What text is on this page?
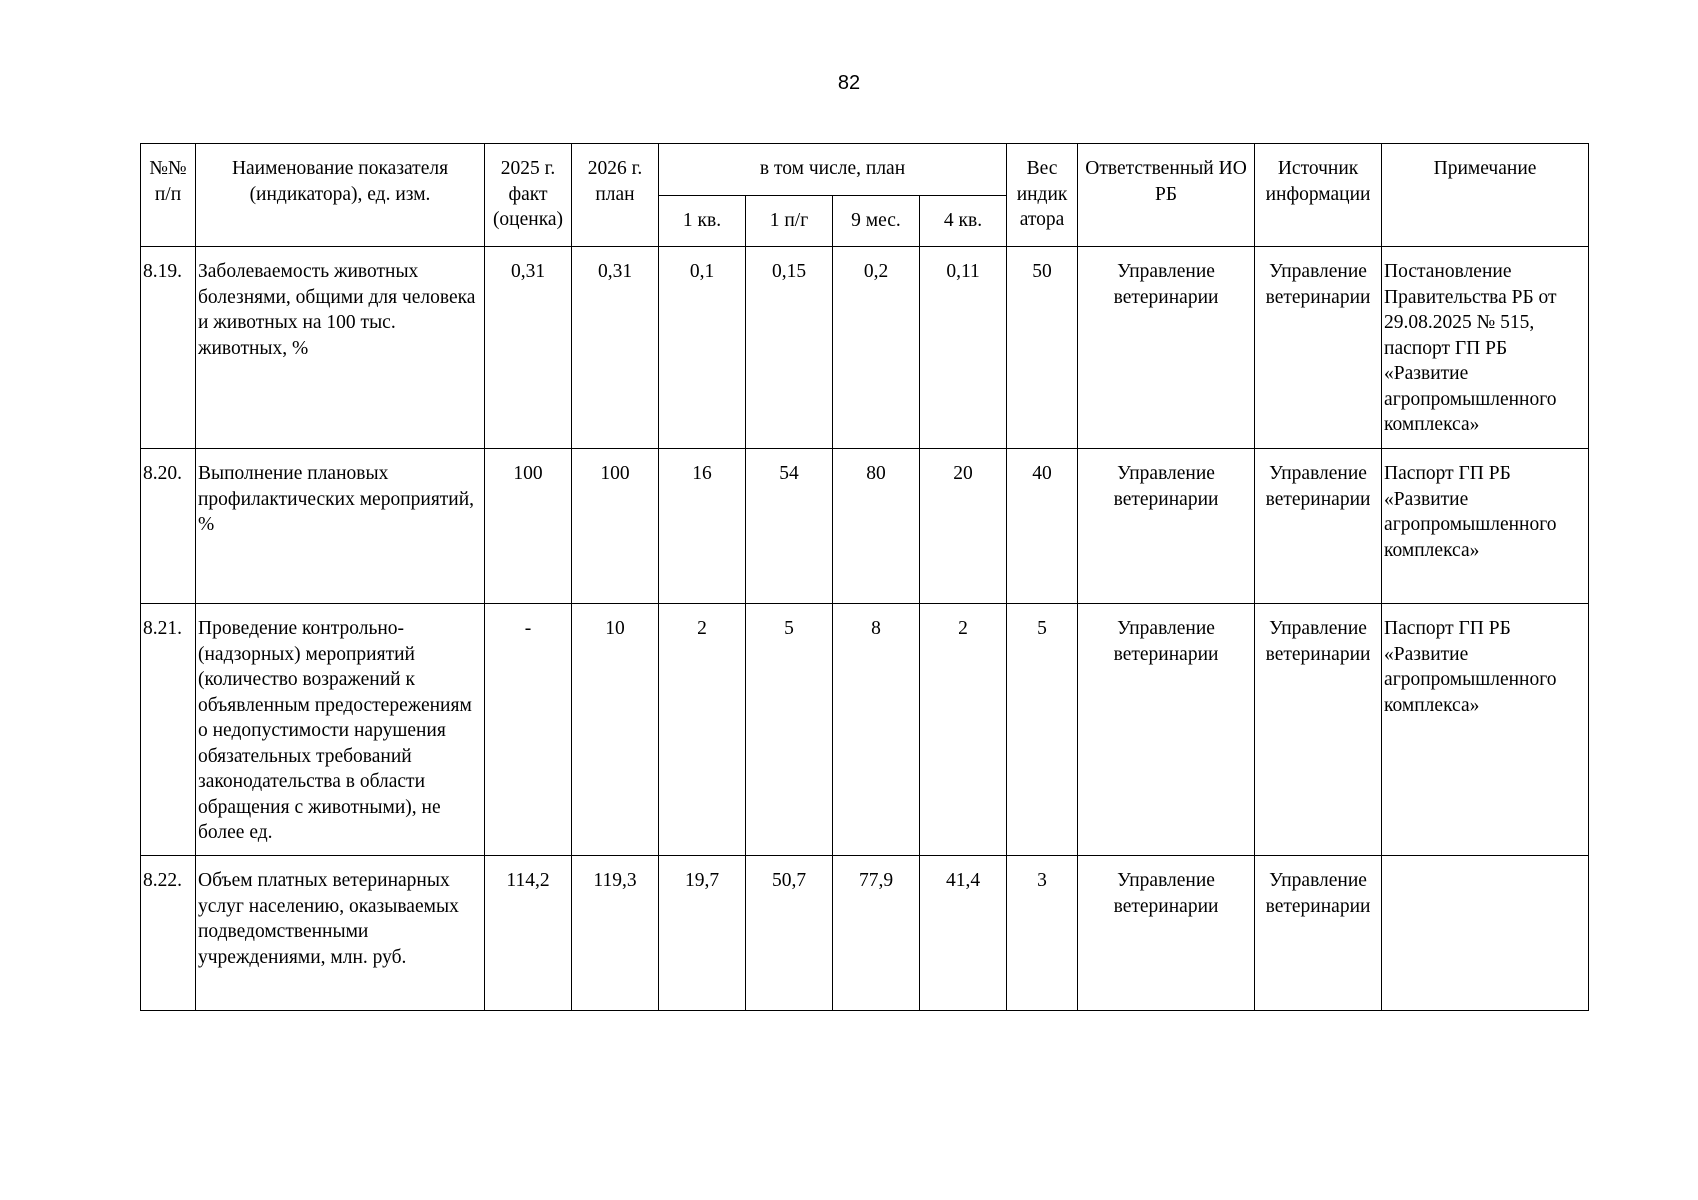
82
№№ п/п	Наименование показателя (индикатора), ед. изм.	2025 г. факт (оценка)	2026 г. план	в том числе, план				Вес индик атора	Ответственный ИО РБ	Источник информации	Примечание
				1 кв.	1 п/г	9 мес.	4 кв.				
8.19.	Заболеваемость животных болезнями, общими для человека и животных на 100 тыс. животных, %	0,31	0,31	0,1	0,15	0,2	0,11	50	Управление ветеринарии	Управление ветеринарии	Постановление Правительства РБ от 29.08.2025 № 515, паспорт ГП РБ «Развитие агропромышленного комплекса»
8.20.	Выполнение плановых профилактических мероприятий, %	100	100	16	54	80	20	40	Управление ветеринарии	Управление ветеринарии	Паспорт ГП РБ «Развитие агропромышленного комплекса»
8.21.	Проведение контрольно-(надзорных) мероприятий (количество возражений к объявленным предостережениям о недопустимости нарушения обязательных требований законодательства в области обращения с животными), не более ед.	-	10	2	5	8	2	5	Управление ветеринарии	Управление ветеринарии	Паспорт ГП РБ «Развитие агропромышленного комплекса»
8.22.	Объем платных ветеринарных услуг населению, оказываемых подведомственными учреждениями, млн. руб.	114,2	119,3	19,7	50,7	77,9	41,4	3	Управление ветеринарии	Управление ветеринарии	
